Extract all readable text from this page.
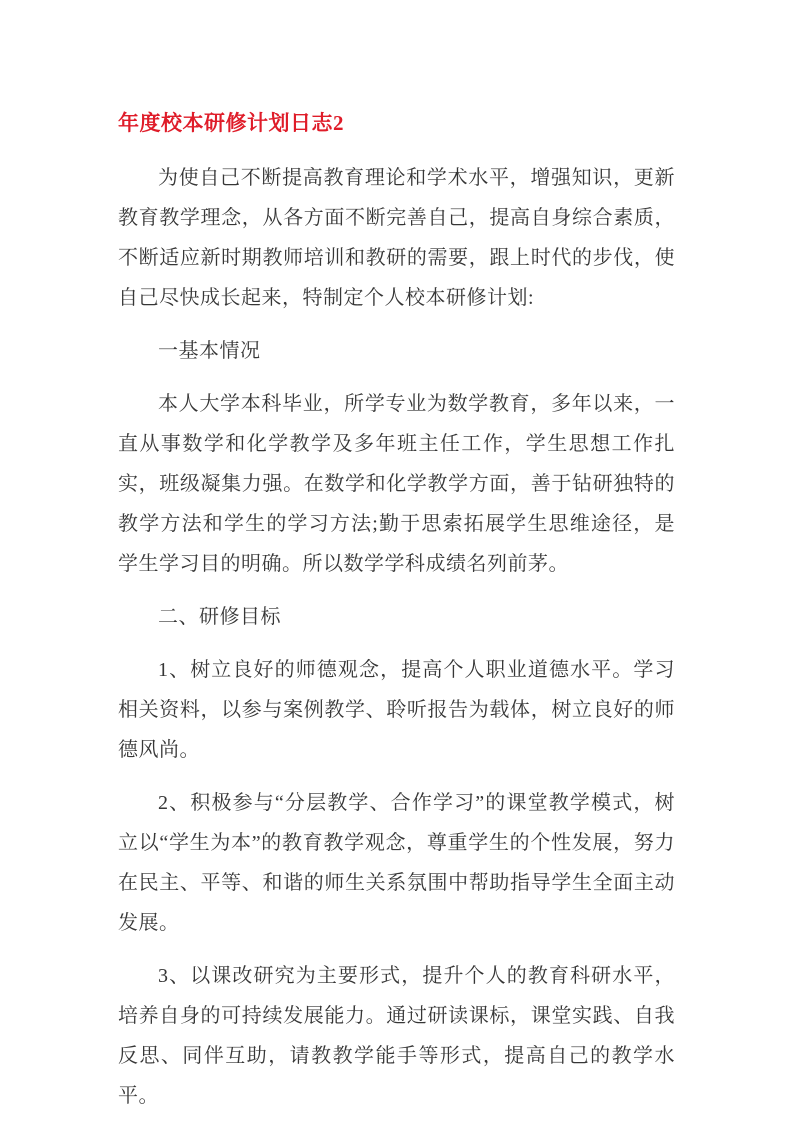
年度校本研修计划日志2

为使自己不断提高教育理论和学术水平，增强知识，更新教育教学理念，从各方面不断完善自己，提高自身综合素质，不断适应新时期教师培训和教研的需要，跟上时代的步伐，使自己尽快成长起来，特制定个人校本研修计划:

一基本情况

本人大学本科毕业，所学专业为数学教育，多年以来，一直从事数学和化学教学及多年班主任工作，学生思想工作扎实，班级凝集力强。在数学和化学教学方面，善于钻研独特的教学方法和学生的学习方法;勤于思索拓展学生思维途径，是学生学习目的明确。所以数学学科成绩名列前茅。

二、研修目标

1、树立良好的师德观念，提高个人职业道德水平。学习相关资料，以参与案例教学、聆听报告为载体，树立良好的师德风尚。

2、积极参与“分层教学、合作学习”的课堂教学模式，树立以“学生为本”的教育教学观念，尊重学生的个性发展，努力在民主、平等、和谐的师生关系氛围中帮助指导学生全面主动发展。

3、以课改研究为主要形式，提升个人的教育科研水平，培养自身的可持续发展能力。通过研读课标，课堂实践、自我反思、同伴互助，请教教学能手等形式，提高自己的教学水平。
